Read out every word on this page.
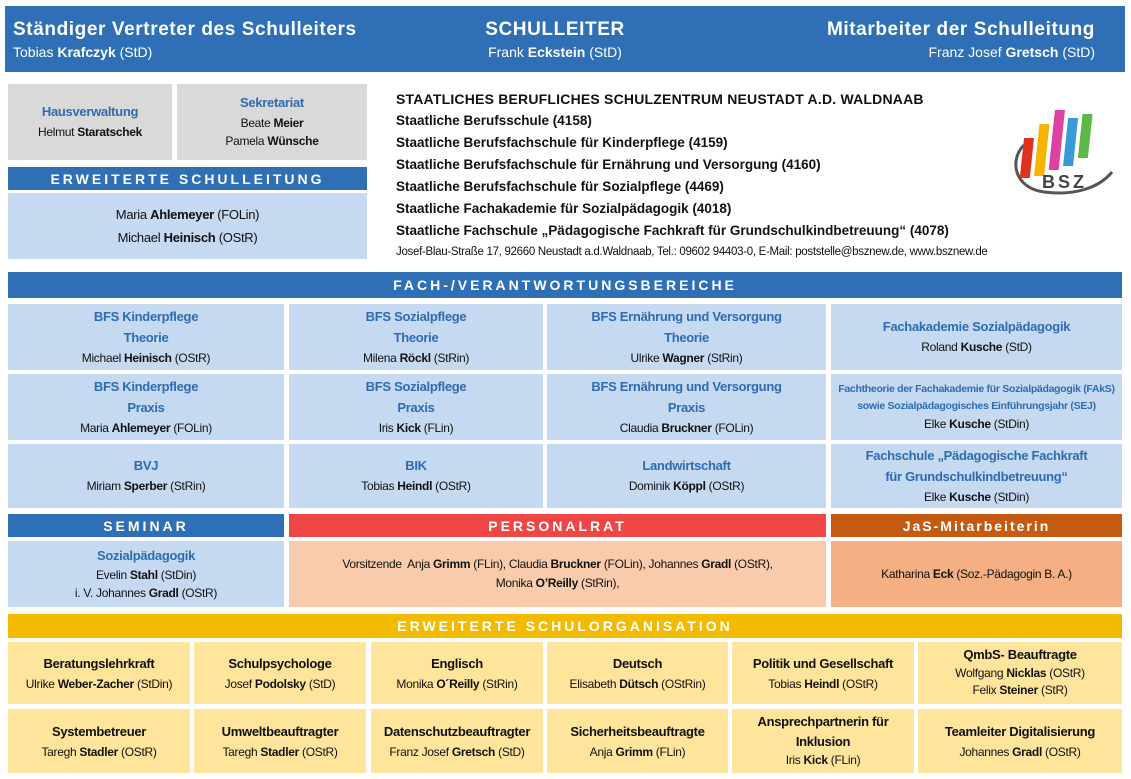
Ständiger Vertreter des Schulleiters
Tobias Krafczyk (StD)
SCHULLEITER
Frank Eckstein (StD)
Mitarbeiter der Schulleitung
Franz Josef Gretsch (StD)
Hausverwaltung
Helmut Staratschek
Sekretariat
Beate Meier
Pamela Wünsche
ERWEITERTE SCHULLEITUNG
Maria Ahlemeyer (FOLin)
Michael Heinisch (OStR)
STAATLICHES BERUFLICHES SCHULZENTRUM NEUSTADT A.D. WALDNAAB
Staatliche Berufsschule (4158)
Staatliche Berufsfachschule für Kinderpflege (4159)
Staatliche Berufsfachschule für Ernährung und Versorgung (4160)
Staatliche Berufsfachschule für Sozialpflege (4469)
Staatliche Fachakademie für Sozialpädagogik (4018)
Staatliche Fachschule „Pädagogische Fachkraft für Grundschulkindbetreuung“ (4078)
Josef-Blau-Straße 17, 92660 Neustadt a.d.Waldnaab, Tel.: 09602 94403-0, E-Mail: poststelle@bsznew.de, www.bsznew.de
BSZ
FACH-/VERANTWORTUNGSBEREICHE
BFS Kinderpflege
Theorie
Michael Heinisch (OStR)
BFS Sozialpflege
Theorie
Milena Röckl (StRin)
BFS Ernährung und Versorgung
Theorie
Ulrike Wagner (StRin)
Fachakademie Sozialpädagogik
Roland Kusche (StD)
BFS Kinderpflege
Praxis
Maria Ahlemeyer (FOLin)
BFS Sozialpflege
Praxis
Iris Kick (FLin)
BFS Ernährung und Versorgung
Praxis
Claudia Bruckner (FOLin)
Fachtheorie der Fachakademie für Sozialpädagogik (FAkS)
sowie Sozialpädagogisches Einführungsjahr (SEJ)
Elke Kusche (StDin)
BVJ
Miriam Sperber (StRin)
BIK
Tobias Heindl (OStR)
Landwirtschaft
Dominik Köppl (OStR)
Fachschule „Pädagogische Fachkraft
für Grundschulkindbetreuung“
Elke Kusche (StDin)
SEMINAR	PERSONALRAT	JaS-Mitarbeiterin
Sozialpädagogik
Evelin Stahl (StDin)
i. V. Johannes Gradl (OStR)
Vorsitzende Anja Grimm (FLin), Claudia Bruckner (FOLin), Johannes Gradl (OStR),
Monika O’Reilly (StRin),
Katharina Eck (Soz.-Pädagogin B. A.)
ERWEITERTE SCHULORGANISATION
Beratungslehrkraft
Ulrike Weber-Zacher (StDin)
Schulpsychologe
Josef Podolsky (StD)
Englisch
Monika O´Reilly (StRin)
Deutsch
Elisabeth Dütsch (OStRin)
Politik und Gesellschaft
Tobias Heindl (OStR)
QmbS- Beauftragte
Wolfgang Nicklas (OStR)
Felix Steiner (StR)
Systembetreuer
Taregh Stadler (OStR)
Umweltbeauftragter
Taregh Stadler (OStR)
Datenschutzbeauftragter
Franz Josef Gretsch (StD)
Sicherheitsbeauftragte
Anja Grimm (FLin)
Ansprechpartnerin für
Inklusion
Iris Kick (FLin)
Teamleiter Digitalisierung
Johannes Gradl (OStR)
